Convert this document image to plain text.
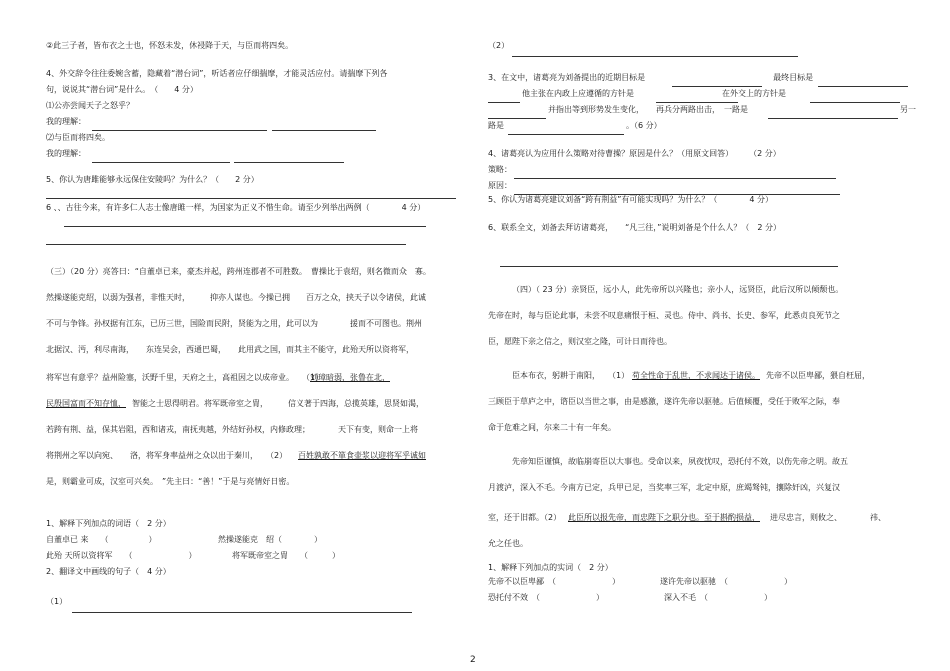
②此三子者，皆布衣之士也，怀怒未发，休祲降于天，与臣而将四矣。
4、外交辞令往往委婉含蓄，隐藏着“潜台词”，听话者应仔细揣摩，才能灵活应付。请揣摩下列各
句，说说其“潜台词”是什么。　（　　4 分）
⑴公亦尝闻天子之怒乎？
我的理解：
⑵与臣而将四矣。
我的理解：
5、你认为唐雎能够永远保住安陵吗？为什么？（　　2 分）
6 、、古往今来，有许多仁人志士像唐雎一样，为国家为正义不惜生命。请至少列举出两例（　　　　4 分）
（三）（20 分）亮答曰：“自董卓已来，豪杰并起，跨州连郡者不可胜数。　曹操比于袁绍，则名微而众　寡。
然操遂能克绍，以弱为强者，非惟天时，　　　抑亦人谋也。今操已拥　　百万之众，挟天子以令诸侯，此诚
不可与争锋。孙权据有江东，已历三世，国险而民附，贤能为之用，此可以为　　　　援而不可图也。荆州
北据汉、沔，利尽南海，　　东连吴会，西通巴蜀，　　此用武之国，而其主不能守，此殆天所以资将军，
将军岂有意乎？益州险塞，沃野千里，天府之土，高祖因之以成帝业。　　（1）
刘璋暗弱，张鲁在北，
民殷国富而不知存恤， 智能之士思得明君。将军既帝室之胄，　　　信义著于四海，总揽英雄，思贤如渴，
若跨有荆、益，保其岩阻，西和诸戎，南抚夷越，外结好孙权，内修政理；　　　　天下有变，则命一上将
将荆州之军以向宛、　　洛，将军身率益州之众以出于秦川，　　（2） 百姓孰敢不箪食壶浆以迎将军乎诚如
是，则霸业可成，汉室可兴矣。　”先主曰：“善！”于是与亮情好日密。
1、解释下列加点的词语（　2 分）
自董卓已 来　　（　　　　　）	然操遂能克　绍（　　　　）
此殆 天所以资将军　　（　　　　　　　）	将军既帝室之胄　　（　　　）
2、翻译文中画线的句子（　4 分）
（1）
（2）
3、在文中，诸葛亮为刘备提出的近期目标是　　　　　　　　　　　　　　　　最终目标是
他主张在内政上应遵循的方针是　　　　　　　　　　　在外交上的方针是
并指出等到形势发生变化，　　再兵分两路出击，　一路是	另一
路是	。（6 分）
4、诸葛亮认为应用什么策略对待曹操？原因是什么？（用原文回答）　　　（2 分）
策略：
原因：
5、你认为诸葛亮建议刘备“跨有荆益”有可能实现吗？为什么？（　　　　4 分）
6、联系全文，刘备去拜访诸葛亮，　　“凡三往，”说明刘备是个什么人？（　2 分）
（四）（ 23 分）亲贤臣，远小人，此先帝所以兴隆也；亲小人，远贤臣，此后汉所以倾颓也。
先帝在时，每与臣论此事，未尝不叹息痛恨于桓、灵也。侍中、尚书、长史、参军，此悉贞良死节之
臣，愿陛下亲之信之，则汉室之隆，可计日而待也。
臣本布衣，躬耕于南阳，　　（1） 苟全性命于乱世，不求闻达于诸侯。 先帝不以臣卑鄙，猥自枉屈，
三顾臣于草庐之中，谘臣以当世之事，由是感激，遂许先帝以驱驰。后值倾覆，受任于败军之际，奉
命于危难之间，尔来二十有一年矣。
先帝知臣谨慎，故临崩寄臣以大事也。受命以来，夙夜忧叹，恐托付不效，以伤先帝之明。故五
月渡泸，深入不毛。今南方已定，兵甲已足，当奖率三军，北定中原，庶竭驽钝，攘除奸凶，兴复汉
室，还于旧都。（2） 此臣所以报先帝，而忠陛下之职分也。至于斟酌损益， 进尽忠言，则攸之、　　　　祎、
允之任也。
1、解释下列加点的实词（　2 分）
先帝不以臣卑鄙　（　　　　　　　）	遂许先帝以驱驰　（　　　　　　　）
恐托付不效　（　　　　　　　）	深入不毛　（　　　　　　　）
2
